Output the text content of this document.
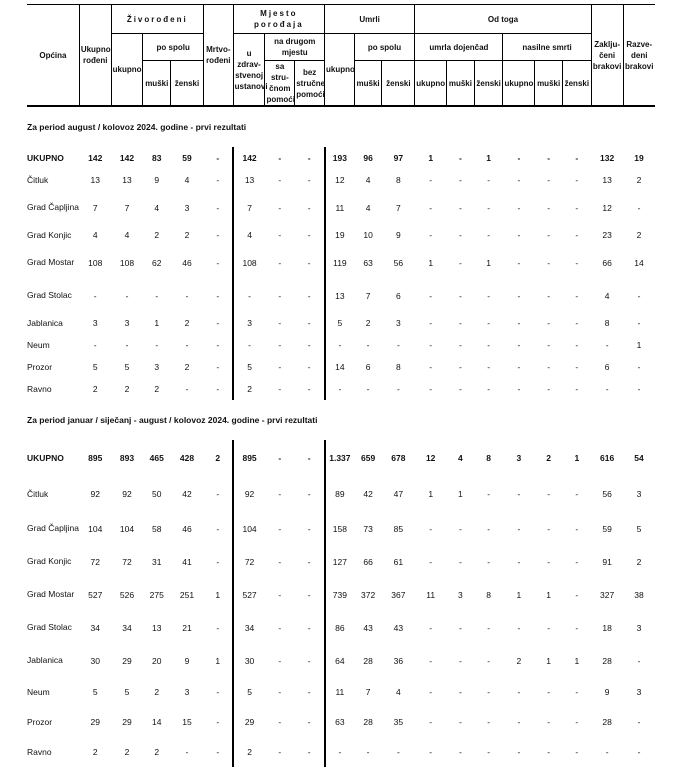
Općina	Ukupno rođeni	Živorođeni			Mrtvo-rođeni	Mjesto porođaja			Umrli			Od toga						Zaklju-čeni brakovi	Razve-deni brakovi
		ukupno	po spolu			u zdrav-stvenoj ustanovi	na drugom mjestu		ukupno	po spolu		umrla dojenčad			nasilne smrti				
			muški	ženski			sa stru-čnom pomoći	bez stručne pomoći		muški	ženski	ukupno	muški	ženski	ukupno	muški	ženski		
Za period august / kolovoz 2024. godine - prvi rezultati																			
UKUPNO	142	142	83	59	-	142	-	-	193	96	97	1	-	1	-	-	-	132	19
Čitluk	13	13	9	4	-	13	-	-	12	4	8	-	-	-	-	-	-	13	2
Grad Čapljina	7	7	4	3	-	7	-	-	11	4	7	-	-	-	-	-	-	12	-
Grad Konjic	4	4	2	2	-	4	-	-	19	10	9	-	-	-	-	-	-	23	2
Grad Mostar	108	108	62	46	-	108	-	-	119	63	56	1	-	1	-	-	-	66	14
Grad Stolac	-	-	-	-	-	-	-	-	13	7	6	-	-	-	-	-	-	4	-
Jablanica	3	3	1	2	-	3	-	-	5	2	3	-	-	-	-	-	-	8	-
Neum	-	-	-	-	-	-	-	-	-	-	-	-	-	-	-	-	-	-	1
Prozor	5	5	3	2	-	5	-	-	14	6	8	-	-	-	-	-	-	6	-
Ravno	2	2	2	-	-	2	-	-	-	-	-	-	-	-	-	-	-	-	-
Za period januar / siječanj - august / kolovoz 2024. godine - prvi rezultati																			
UKUPNO	895	893	465	428	2	895	-	-	1.337	659	678	12	4	8	3	2	1	616	54
Čitluk	92	92	50	42	-	92	-	-	89	42	47	1	1	-	-	-	-	56	3
Grad Čapljina	104	104	58	46	-	104	-	-	158	73	85	-	-	-	-	-	-	59	5
Grad Konjic	72	72	31	41	-	72	-	-	127	66	61	-	-	-	-	-	-	91	2
Grad Mostar	527	526	275	251	1	527	-	-	739	372	367	11	3	8	1	1	-	327	38
Grad Stolac	34	34	13	21	-	34	-	-	86	43	43	-	-	-	-	-	-	18	3
Jablanica	30	29	20	9	1	30	-	-	64	28	36	-	-	-	2	1	1	28	-
Neum	5	5	2	3	-	5	-	-	11	7	4	-	-	-	-	-	-	9	3
Prozor	29	29	14	15	-	29	-	-	63	28	35	-	-	-	-	-	-	28	-
Ravno	2	2	2	-	-	2	-	-	-	-	-	-	-	-	-	-	-	-	-
